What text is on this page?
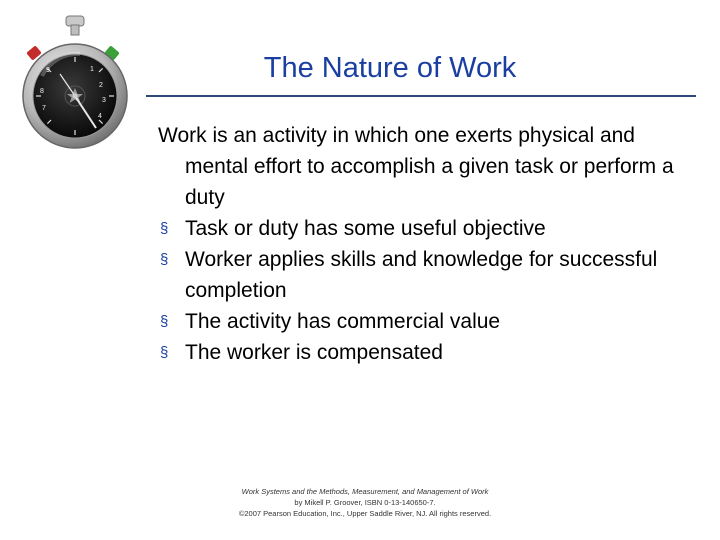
1
2
3
4
9
8
7
The Nature of Work

Work is an activity in which one exerts physical and mental effort to accomplish a given task or perform a duty

§ Task or duty has some useful objective
§ Worker applies skills and knowledge for successful completion
§ The activity has commercial value
§ The worker is compensated
Work Systems and the Methods, Measurement, and Management of Work
by Mikell P. Groover, ISBN 0-13-140650-7.
©2007 Pearson Education, Inc., Upper Saddle River, NJ. All rights reserved.
